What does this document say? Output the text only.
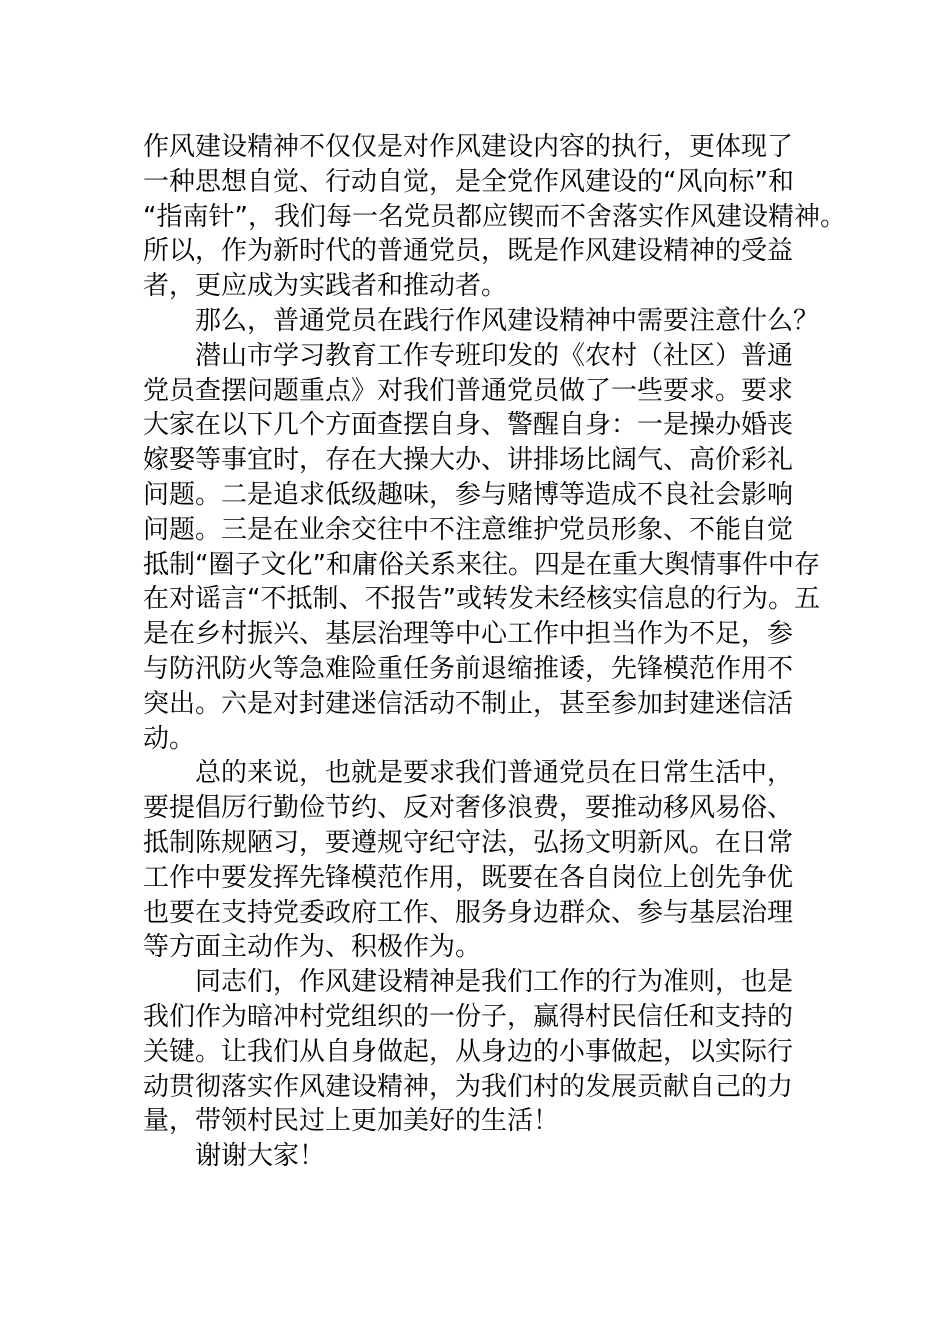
作风建设精神不仅仅是对作风建设内容的执行，更体现了
一种思想自觉、行动自觉，是全党作风建设的“风向标”和
“指南针”，我们每一名党员都应锲而不舍落实作风建设精神。
所以，作为新时代的普通党员，既是作风建设精神的受益
者，更应成为实践者和推动者。
那么，普通党员在践行作风建设精神中需要注意什么？
潜山市学习教育工作专班印发的《农村（社区）普通
党员查摆问题重点》对我们普通党员做了一些要求。要求
大家在以下几个方面查摆自身、警醒自身：一是操办婚丧
嫁娶等事宜时，存在大操大办、讲排场比阔气、高价彩礼
问题。二是追求低级趣味，参与赌博等造成不良社会影响
问题。三是在业余交往中不注意维护党员形象、不能自觉
抵制“圈子文化”和庸俗关系来往。四是在重大舆情事件中存
在对谣言“不抵制、不报告”或转发未经核实信息的行为。五
是在乡村振兴、基层治理等中心工作中担当作为不足，参
与防汛防火等急难险重任务前退缩推诿，先锋模范作用不
突出。六是对封建迷信活动不制止，甚至参加封建迷信活
动。
总的来说，也就是要求我们普通党员在日常生活中，
要提倡厉行勤俭节约、反对奢侈浪费，要推动移风易俗、
抵制陈规陋习，要遵规守纪守法，弘扬文明新风。在日常
工作中要发挥先锋模范作用，既要在各自岗位上创先争优
也要在支持党委政府工作、服务身边群众、参与基层治理
等方面主动作为、积极作为。
同志们，作风建设精神是我们工作的行为准则，也是
我们作为暗冲村党组织的一份子，赢得村民信任和支持的
关键。让我们从自身做起，从身边的小事做起，以实际行
动贯彻落实作风建设精神，为我们村的发展贡献自己的力
量，带领村民过上更加美好的生活！
谢谢大家！
